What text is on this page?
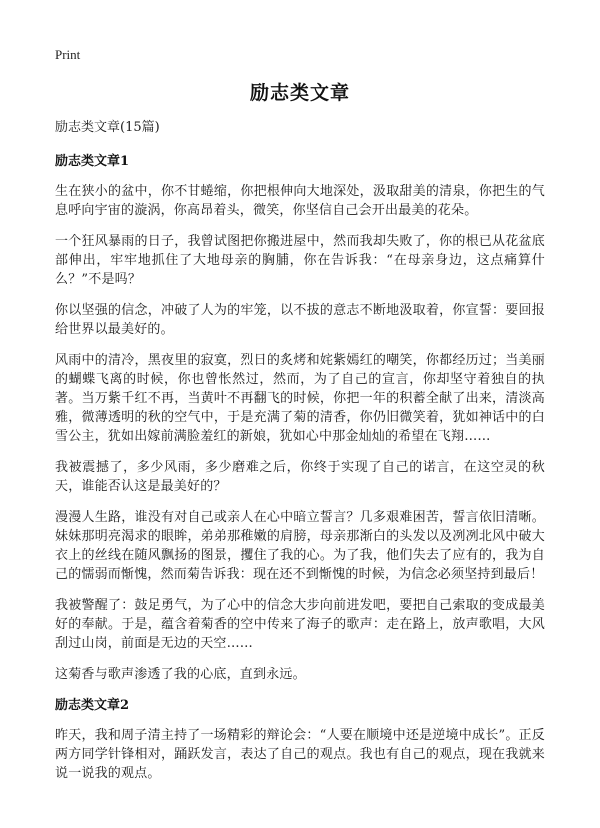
Print
励志类文章

励志类文章(15篇)

励志类文章1

生在狭小的盆中，你不甘蜷缩，你把根伸向大地深处，汲取甜美的清泉，你把生的气息呼向宇宙的漩涡，你高昂着头，微笑，你坚信自己会开出最美的花朵。

一个狂风暴雨的日子，我曾试图把你搬进屋中，然而我却失败了，你的根已从花盆底部伸出，牢牢地抓住了大地母亲的胸脯，你在告诉我：“在母亲身边，这点痛算什么？”不是吗？

你以坚强的信念，冲破了人为的牢笼，以不拔的意志不断地汲取着，你宣誓：要回报给世界以最美好的。

风雨中的清冷，黑夜里的寂寞，烈日的炙烤和姹紫嫣红的嘲笑，你都经历过；当美丽的蝴蝶飞离的时候，你也曾怅然过，然而，为了自己的宣言，你却坚守着独自的执著。当万紫千红不再，当黄叶不再翻飞的时候，你把一年的积蓄全献了出来，清淡高雅，微薄透明的秋的空气中，于是充满了菊的清香，你仍旧微笑着，犹如神话中的白雪公主，犹如出嫁前满脸羞红的新娘，犹如心中那金灿灿的希望在飞翔……

我被震撼了，多少风雨，多少磨难之后，你终于实现了自己的诺言，在这空灵的秋天，谁能否认这是最美好的？

漫漫人生路，谁没有对自己或亲人在心中暗立誓言？几多艰难困苦，誓言依旧清晰。妹妹那明亮渴求的眼眸，弟弟那稚嫩的肩膀，母亲那渐白的头发以及冽冽北风中破大衣上的丝线在随风飘扬的图景，攫住了我的心。为了我，他们失去了应有的，我为自己的懦弱而惭愧，然而菊告诉我：现在还不到惭愧的时候，为信念必须坚持到最后！

我被警醒了：鼓足勇气，为了心中的信念大步向前进发吧，要把自己索取的变成最美好的奉献。于是，蕴含着菊香的空中传来了海子的歌声：走在路上，放声歌唱，大风刮过山岗，前面是无边的天空……

这菊香与歌声渗透了我的心底，直到永远。

励志类文章2

昨天，我和周子清主持了一场精彩的辩论会：“人要在顺境中还是逆境中成长”。正反两方同学针锋相对，踊跃发言，表达了自己的观点。我也有自己的观点，现在我就来说一说我的观点。
